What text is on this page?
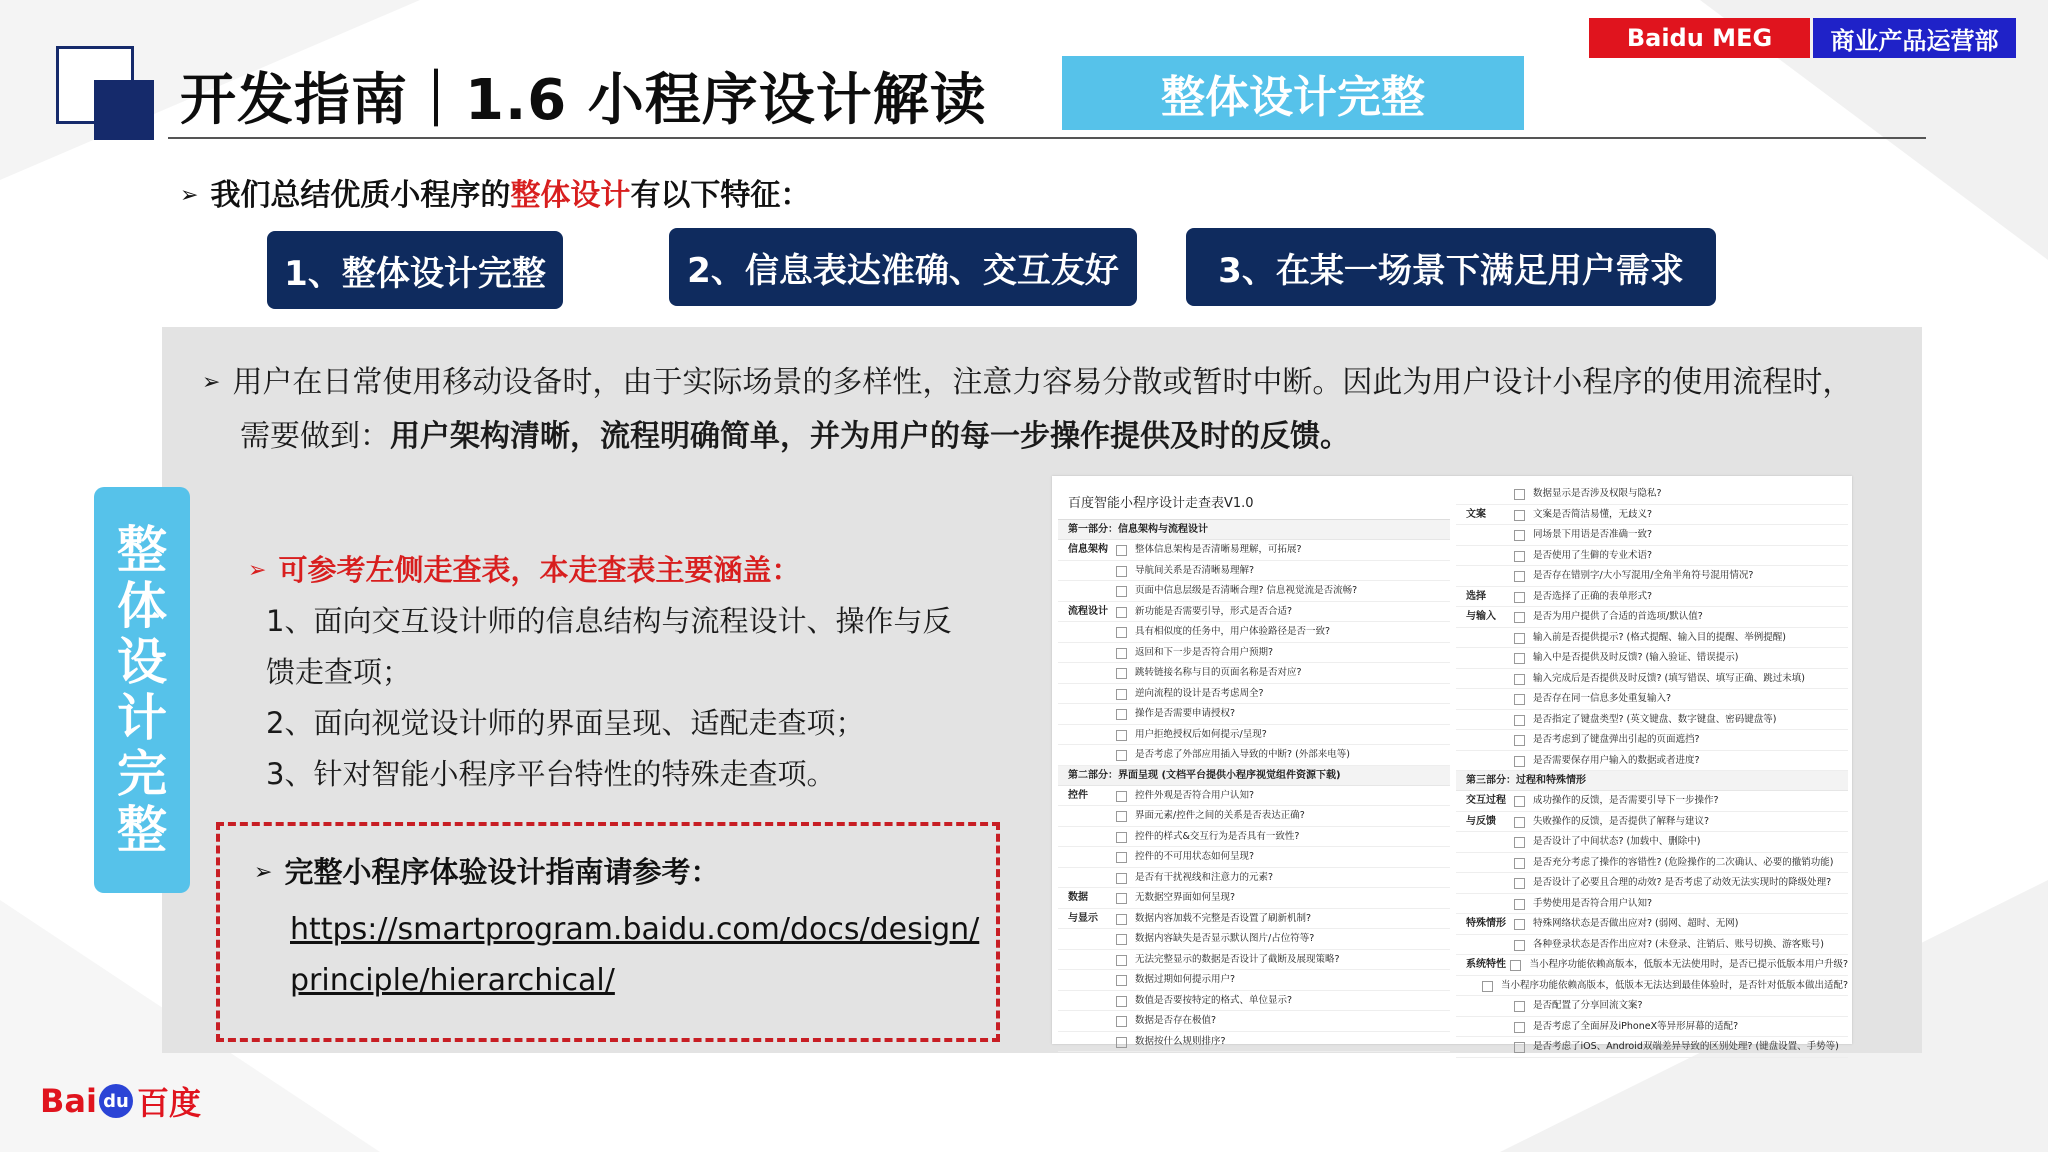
Baidu MEG	商业产品运营部
开发指南｜1.6 小程序设计解读	整体设计完整
➢ 我们总结优质小程序的整体设计有以下特征：
1、整体设计完整	2、信息表达准确、交互友好	3、在某一场景下满足用户需求
➢ 用户在日常使用移动设备时，由于实际场景的多样性，注意力容易分散或暂时中断。因此为用户设计小程序的使用流程时，
需要做到：用户架构清晰，流程明确简单，并为用户的每一步操作提供及时的反馈。
整
体
设
计
完
整
➢ 可参考左侧走查表，本走查表主要涵盖：
1、面向交互设计师的信息结构与流程设计、操作与反馈走查项；
2、面向视觉设计师的界面呈现、适配走查项；
3、针对智能小程序平台特性的特殊走查项。
➢ 完整小程序体验设计指南请参考：
https://smartprogram.baidu.com/docs/design/principle/hierarchical/
百度智能小程序设计走查表V1.0
第一部分：信息架构与流程设计
信息架构	整体信息架构是否清晰易理解，可拓展?
导航间关系是否清晰易理解?
页面中信息层级是否清晰合理? 信息视觉流是否流畅?
流程设计	新功能是否需要引导，形式是否合适?
具有相似度的任务中，用户体验路径是否一致?
返回和下一步是否符合用户预期?
跳转链接名称与目的页面名称是否对应?
逆向流程的设计是否考虑周全?
操作是否需要申请授权?
用户拒绝授权后如何提示/呈现?
是否考虑了外部应用插入导致的中断? (外部来电等)
第二部分：界面呈现 (文档平台提供小程序视觉组件资源下载)
控件	控件外观是否符合用户认知?
界面元素/控件之间的关系是否表达正确?
控件的样式&交互行为是否具有一致性?
控件的不可用状态如何呈现?
是否有干扰视线和注意力的元素?
数据	无数据空界面如何呈现?
与显示	数据内容加载不完整是否设置了刷新机制?
数据内容缺失是否显示默认图片/占位符等?
无法完整显示的数据是否设计了截断及展现策略?
数据过期如何提示用户?
数值是否要按特定的格式、单位显示?
数据是否存在极值?
数据按什么规则排序?
数据显示是否涉及权限与隐私?
文案	文案是否简洁易懂，无歧义?
同场景下用语是否准确一致?
是否使用了生僻的专业术语?
是否存在错别字/大小写混用/全角半角符号混用情况?
选择	是否选择了正确的表单形式?
与输入	是否为用户提供了合适的首选项/默认值?
输入前是否提供提示? (格式提醒、输入目的提醒、举例提醒)
输入中是否提供及时反馈? (输入验证、错误提示)
输入完成后是否提供及时反馈? (填写错误、填写正确、跳过未填)
是否存在同一信息多处重复输入?
是否指定了键盘类型? (英文键盘、数字键盘、密码键盘等)
是否考虑到了键盘弹出引起的页面遮挡?
是否需要保存用户输入的数据或者进度?
第三部分：过程和特殊情形
交互过程	成功操作的反馈，是否需要引导下一步操作?
与反馈	失败操作的反馈，是否提供了解释与建议?
是否设计了中间状态? (加载中、删除中)
是否充分考虑了操作的容错性? (危险操作的二次确认、必要的撤销功能)
是否设计了必要且合理的动效? 是否考虑了动效无法实现时的降级处理?
手势使用是否符合用户认知?
特殊情形	特殊网络状态是否做出应对? (弱网、超时、无网)
各种登录状态是否作出应对? (未登录、注销后、账号切换、游客账号)
系统特性	当小程序功能依赖高版本，低版本无法使用时，是否已提示低版本用户升级?
当小程序功能依赖高版本，低版本无法达到最佳体验时，是否针对低版本做出适配?
是否配置了分享回流文案?
是否考虑了全面屏及iPhoneX等异形屏幕的适配?
是否考虑了iOS、Android双端差异导致的区别处理? (键盘设置、手势等)
Bai du 百度
